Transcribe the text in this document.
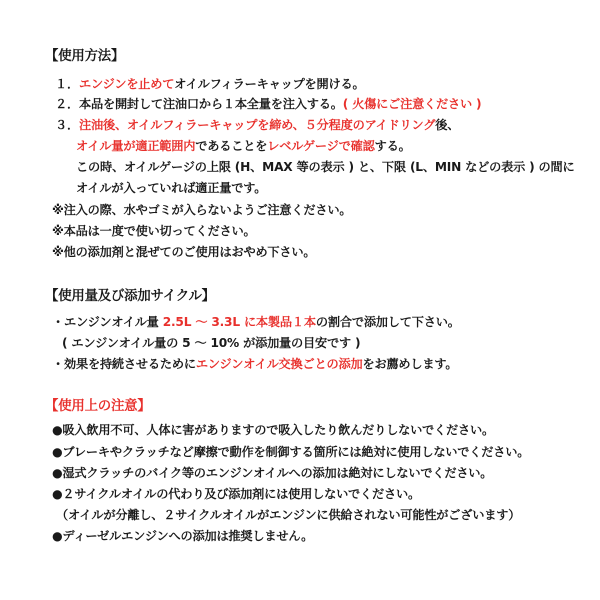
【使用方法】
１．エンジンを止めてオイルフィラーキャップを開ける。
２．本品を開封して注油口から１本全量を注入する。( 火傷にご注意ください )
３．注油後、オイルフィラーキャップを締め、５分程度のアイドリング後、
オイル量が適正範囲内であることをレベルゲージで確認する。
この時、オイルゲージの上限 (H、MAX 等の表示 ) と、下限 (L、MIN などの表示 ) の間に
オイルが入っていれば適正量です。
※注入の際、水やゴミが入らないようご注意ください。
※本品は一度で使い切ってください。
※他の添加剤と混ぜてのご使用はおやめ下さい。
【使用量及び添加サイクル】
・エンジンオイル量 2.5L ～ 3.3L に本製品１本の割合で添加して下さい。
( エンジンオイル量の 5 ～ 10% が添加量の目安です )
・効果を持続させるためにエンジンオイル交換ごとの添加をお薦めします。
【使用上の注意】
●吸入飲用不可、人体に害がありますので吸入したり飲んだりしないでください。
●ブレーキやクラッチなど摩擦で動作を制御する箇所には絶対に使用しないでください。
●湿式クラッチのバイク等のエンジンオイルへの添加は絶対にしないでください。
●２サイクルオイルの代わり及び添加剤には使用しないでください。
（オイルが分離し、２サイクルオイルがエンジンに供給されない可能性がございます）
●ディーゼルエンジンへの添加は推奨しません。
